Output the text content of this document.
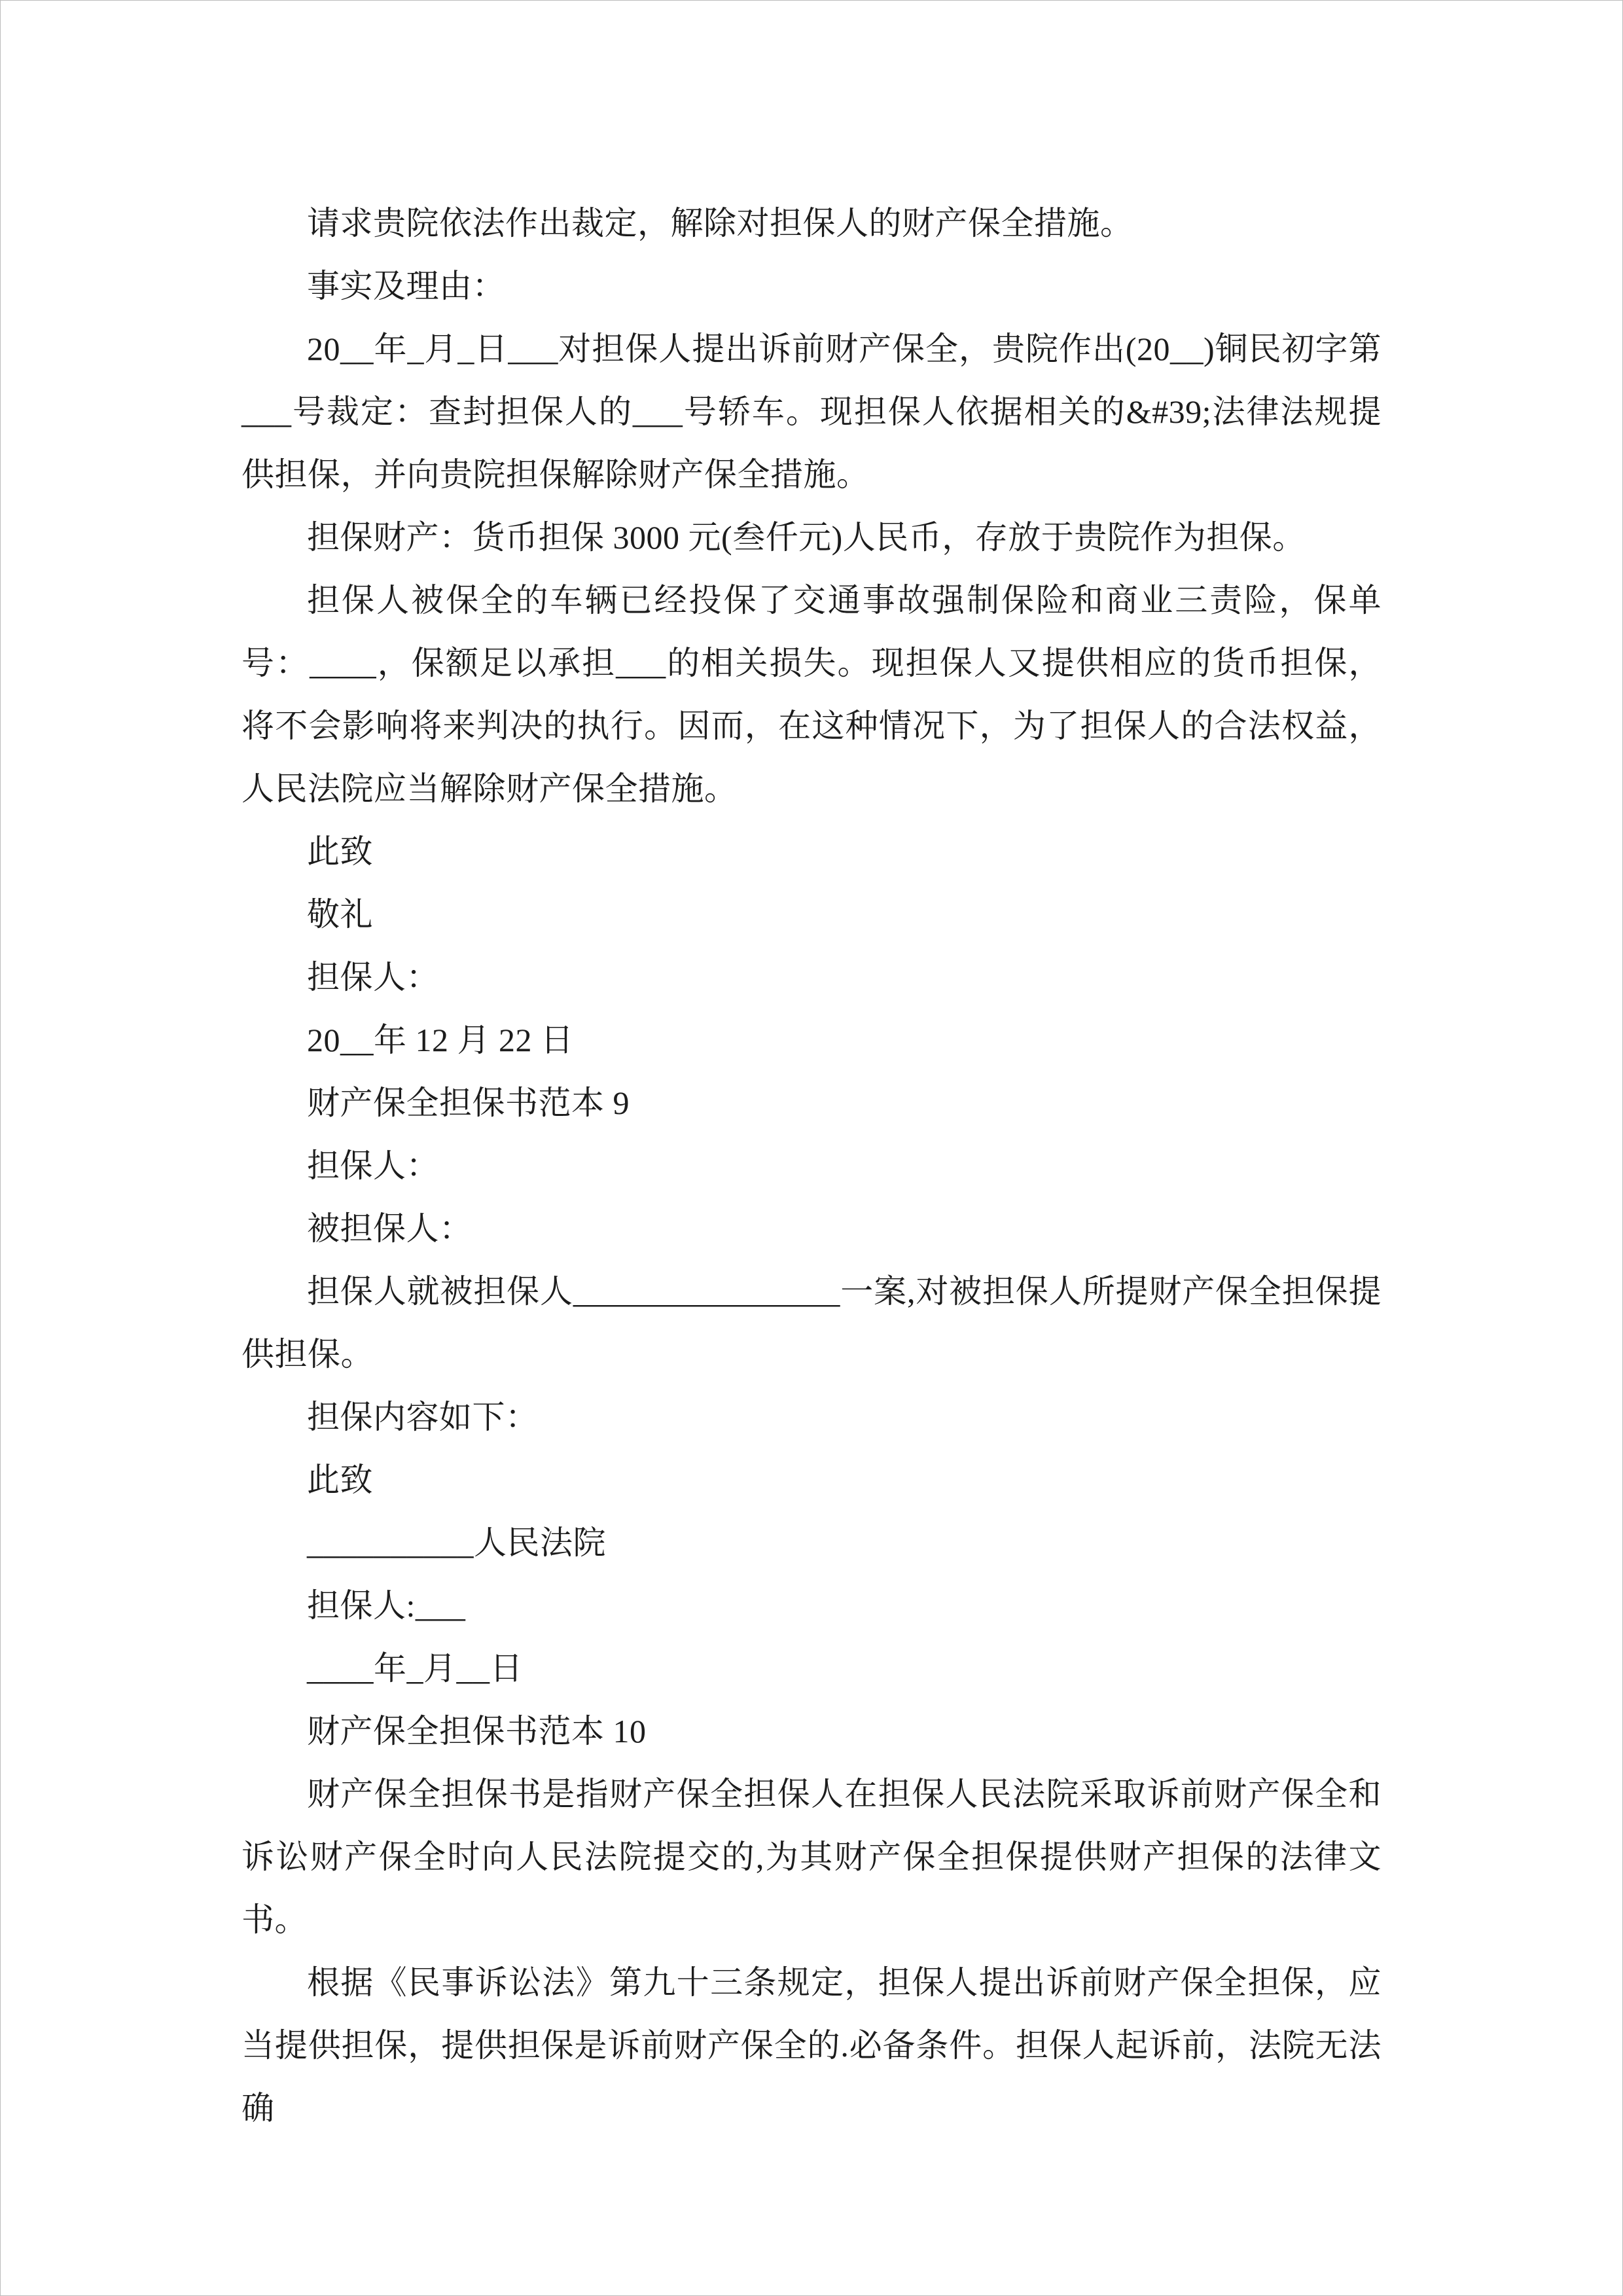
请求贵院依法作出裁定，解除对担保人的财产保全措施。

事实及理由：

20__年_月_日___对担保人提出诉前财产保全，贵院作出(20__)铜民初字第___号裁定：查封担保人的___号轿车。现担保人依据相关的&#39;法律法规提供担保，并向贵院担保解除财产保全措施。

担保财产：货币担保 3000 元(叁仟元)人民币，存放于贵院作为担保。

担保人被保全的车辆已经投保了交通事故强制保险和商业三责险，保单号：____，保额足以承担___的相关损失。现担保人又提供相应的货币担保，将不会影响将来判决的执行。因而，在这种情况下，为了担保人的合法权益，人民法院应当解除财产保全措施。

此致

敬礼

担保人：

20__年 12 月 22 日

财产保全担保书范本 9

担保人：

被担保人：

担保人就被担保人________________一案,对被担保人所提财产保全担保提供担保。

担保内容如下：

此致

__________人民法院

担保人:___

____年_月__日

财产保全担保书范本 10

财产保全担保书是指财产保全担保人在担保人民法院采取诉前财产保全和诉讼财产保全时向人民法院提交的,为其财产保全担保提供财产担保的法律文书。

根据《民事诉讼法》第九十三条规定，担保人提出诉前财产保全担保，应当提供担保，提供担保是诉前财产保全的.必备条件。担保人起诉前，法院无法确
